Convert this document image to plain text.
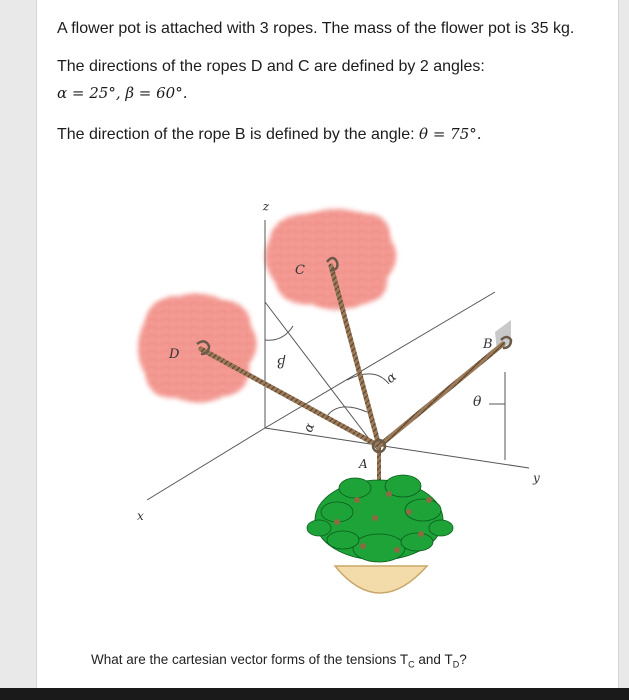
A flower pot is attached with 3 ropes. The mass of the flower pot is 35 kg.
The directions of the ropes D and C are defined by 2 angles:
α = 25°, β = 60°.
The direction of the rope B is defined by the angle: θ = 75°.
z
x
y
A
B
C
D	β
α
α
θ
What are the cartesian vector forms of the tensions $T_C$ and $T_D$?
